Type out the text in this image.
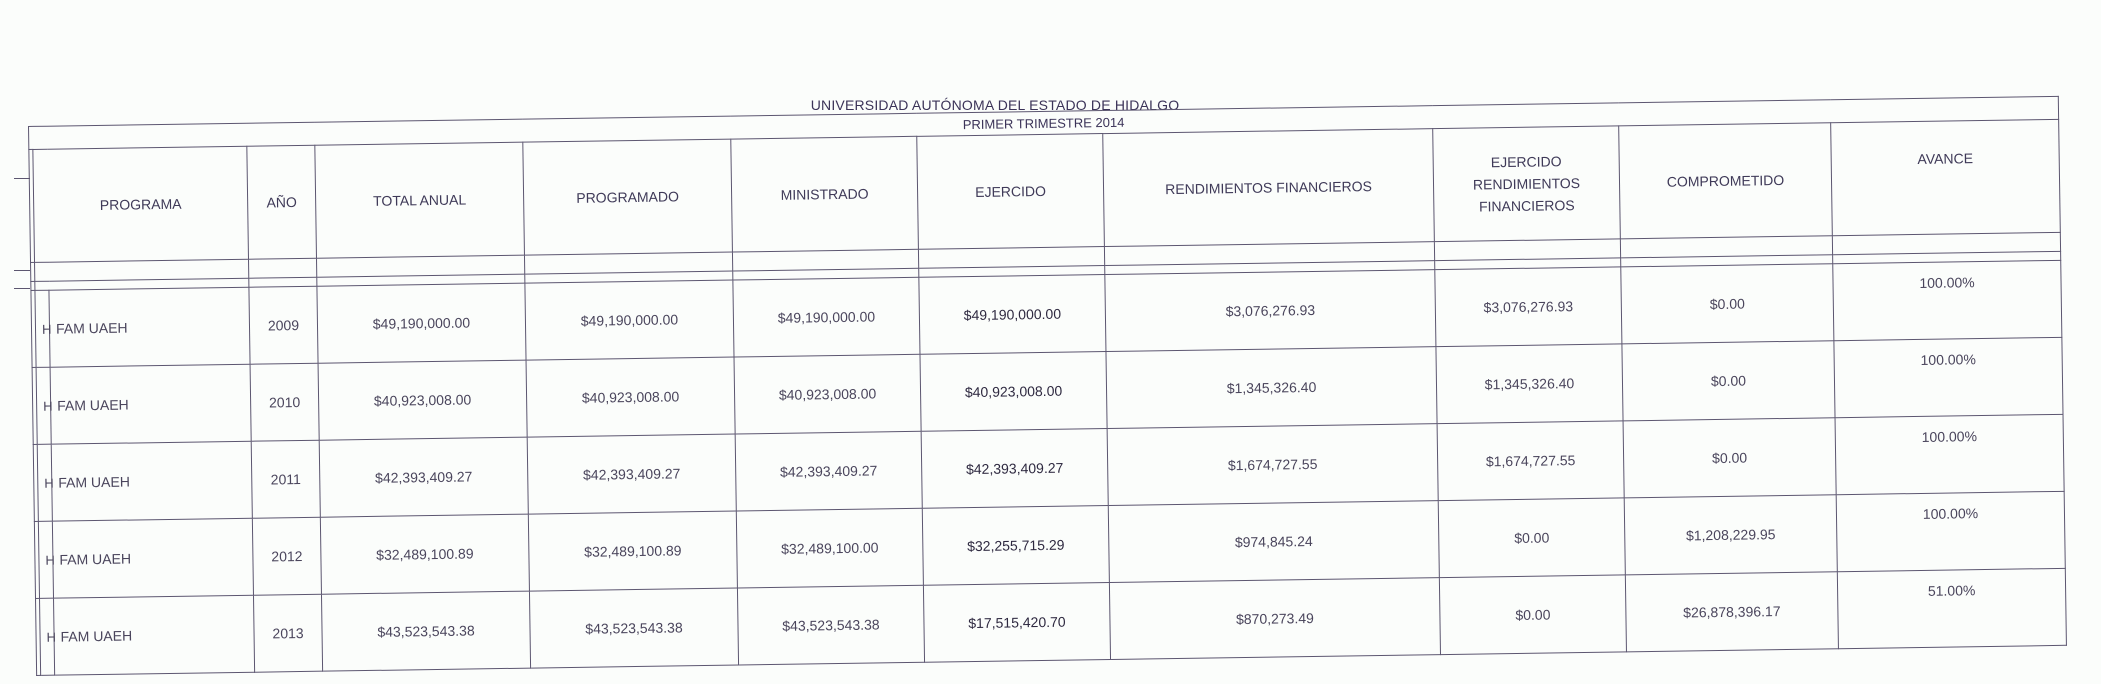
UNIVERSIDAD AUTÓNOMA DEL ESTADO DE HIDALGO
PRIMER TRIMESTRE 2014											
	PROGRAMA		AÑO	TOTAL ANUAL	PROGRAMADO	MINISTRADO	EJERCIDO	RENDIMIENTOS FINANCIEROS	EJERCIDO
RENDIMIENTOS
FINANCIEROS	COMPROMETIDO	AVANCE

	H	FAM UAEH	2009	$49,190,000.00	$49,190,000.00	$49,190,000.00	$49,190,000.00	$3,076,276.93	$3,076,276.93	$0.00	100.00%
	H	FAM UAEH	2010	$40,923,008.00	$40,923,008.00	$40,923,008.00	$40,923,008.00	$1,345,326.40	$1,345,326.40	$0.00	100.00%
	H	FAM UAEH	2011	$42,393,409.27	$42,393,409.27	$42,393,409.27	$42,393,409.27	$1,674,727.55	$1,674,727.55	$0.00	100.00%
	H	FAM UAEH	2012	$32,489,100.89	$32,489,100.89	$32,489,100.00	$32,255,715.29	$974,845.24	$0.00	$1,208,229.95	100.00%
	H	FAM UAEH	2013	$43,523,543.38	$43,523,543.38	$43,523,543.38	$17,515,420.70	$870,273.49	$0.00	$26,878,396.17	51.00%
